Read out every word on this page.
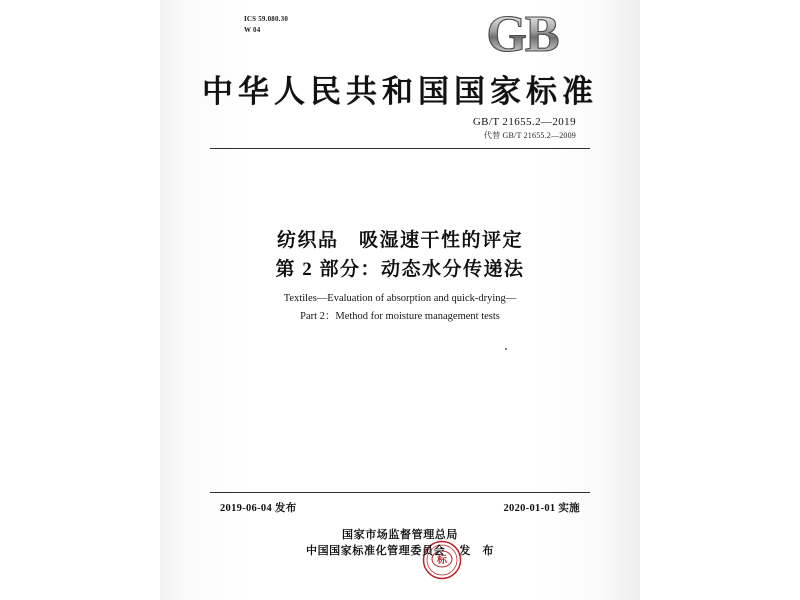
ICS 59.080.30
W 04 GB
中华人民共和国国家标准
GB/T 21655.2—2019
代替 GB/T 21655.2—2009
纺织品　吸湿速干性的评定
第 2 部分：动态水分传递法
Textiles—Evaluation of absorption and quick-drying—
Part 2：Method for moisture management tests
2019-06-04 发布	2020-01-01 实施
标
国家市场监督管理总局
中国国家标准化管理委员会 发　布
